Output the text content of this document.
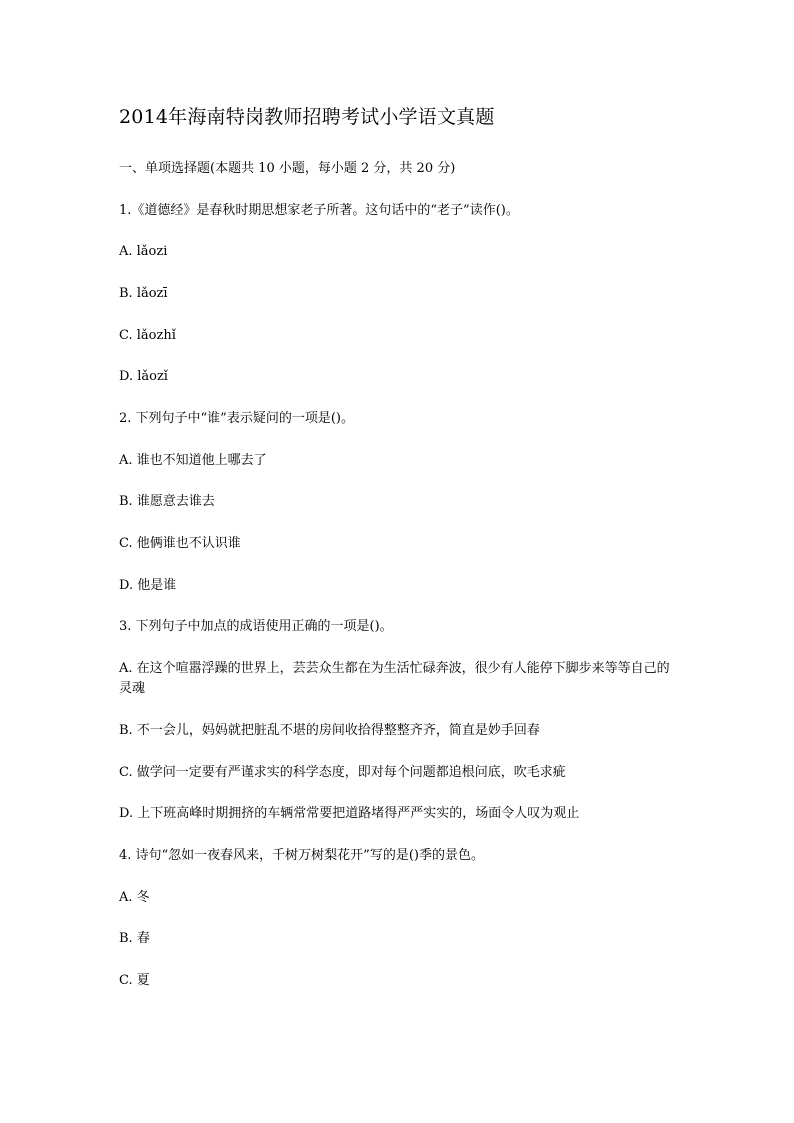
2014年海南特岗教师招聘考试小学语文真题
一、单项选择题(本题共 10 小题，每小题 2 分，共 20 分)
1.《道德经》是春秋时期思想家老子所著。这句话中的“老子”读作()。
A. lǎozi
B. lǎozī
C. lǎozhǐ
D. lǎozǐ
2. 下列句子中“谁”表示疑问的一项是()。
A. 谁也不知道他上哪去了
B. 谁愿意去谁去
C. 他俩谁也不认识谁
D. 他是谁
3. 下列句子中加点的成语使用正确的一项是()。
A. 在这个喧嚣浮躁的世界上，芸芸众生都在为生活忙碌奔波，很少有人能停下脚步来等等自己的灵魂
B. 不一会儿，妈妈就把脏乱不堪的房间收拾得整整齐齐，简直是妙手回春
C. 做学问一定要有严谨求实的科学态度，即对每个问题都追根问底，吹毛求疵
D. 上下班高峰时期拥挤的车辆常常要把道路堵得严严实实的，场面令人叹为观止
4. 诗句“忽如一夜春风来，千树万树梨花开”写的是()季的景色。
A. 冬
B. 春
C. 夏
